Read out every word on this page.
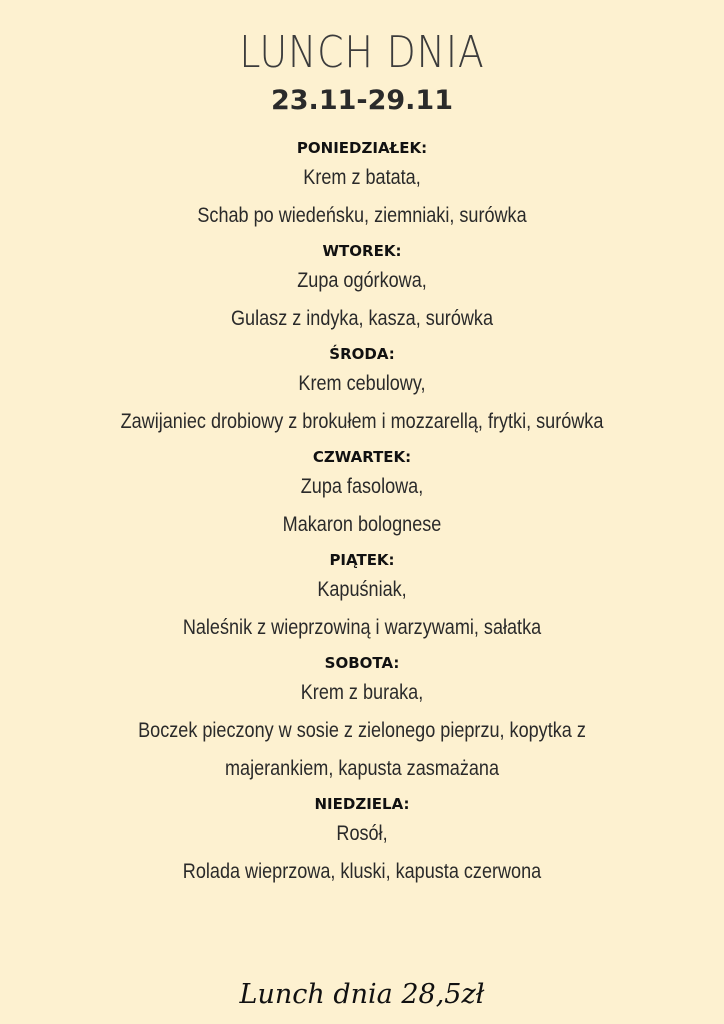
LUNCH DNIA
23.11-29.11
PONIEDZIAŁEK:
Krem z batata,
Schab po wiedeńsku, ziemniaki, surówka
WTOREK:
Zupa ogórkowa,
Gulasz z indyka, kasza, surówka
ŚRODA:
Krem cebulowy,
Zawijaniec drobiowy z brokułem i mozzarellą, frytki, surówka
CZWARTEK:
Zupa fasolowa,
Makaron bolognese
PIĄTEK:
Kapuśniak,
Naleśnik z wieprzowiną i warzywami, sałatka
SOBOTA:
Krem z buraka,
Boczek pieczony w sosie z zielonego pieprzu, kopytka z
majerankiem, kapusta zasmażana
NIEDZIELA:
Rosół,
Rolada wieprzowa, kluski, kapusta czerwona
Lunch dnia 28,5zł
